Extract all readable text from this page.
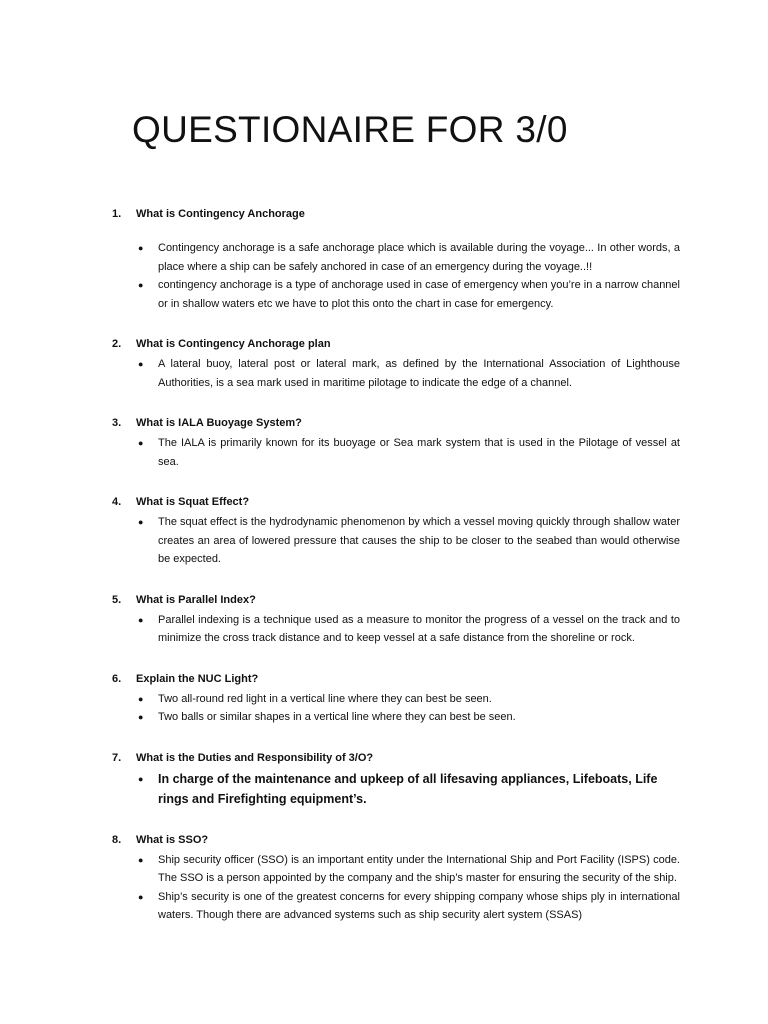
QUESTIONAIRE FOR 3/0
1.	What is Contingency Anchorage
● Contingency anchorage is a safe anchorage place which is available during the voyage... In other words, a place where a ship can be safely anchored in case of an emergency during the voyage..!!
● contingency anchorage is a type of anchorage used in case of emergency when you’re in a narrow channel or in shallow waters etc we have to plot this onto the chart in case for emergency.
2.	What is Contingency Anchorage plan
● A lateral buoy, lateral post or lateral mark, as defined by the International Association of Lighthouse Authorities, is a sea mark used in maritime pilotage to indicate the edge of a channel.
3.	What is IALA Buoyage System?
● The IALA is primarily known for its buoyage or Sea mark system that is used in the Pilotage of vessel at sea.
4.	What is Squat Effect?
● The squat effect is the hydrodynamic phenomenon by which a vessel moving quickly through shallow water creates an area of lowered pressure that causes the ship to be closer to the seabed than would otherwise be expected.
5.	What is Parallel Index?
● Parallel indexing is a technique used as a measure to monitor the progress of a vessel on the track and to minimize the cross track distance and to keep vessel at a safe distance from the shoreline or rock.
6.	Explain the NUC Light?
● Two all-round red light in a vertical line where they can best be seen.
● Two balls or similar shapes in a vertical line where they can best be seen.
7.	What is the Duties and Responsibility of 3/O?
● In charge of the maintenance and upkeep of all lifesaving appliances, Lifeboats, Life rings and Firefighting equipment’s.
8.	What is SSO?
● Ship security officer (SSO) is an important entity under the International Ship and Port Facility (ISPS) code. The SSO is a person appointed by the company and the ship’s master for ensuring the security of the ship.
● Ship’s security is one of the greatest concerns for every shipping company whose ships ply in international waters. Though there are advanced systems such as ship security alert system (SSAS)
